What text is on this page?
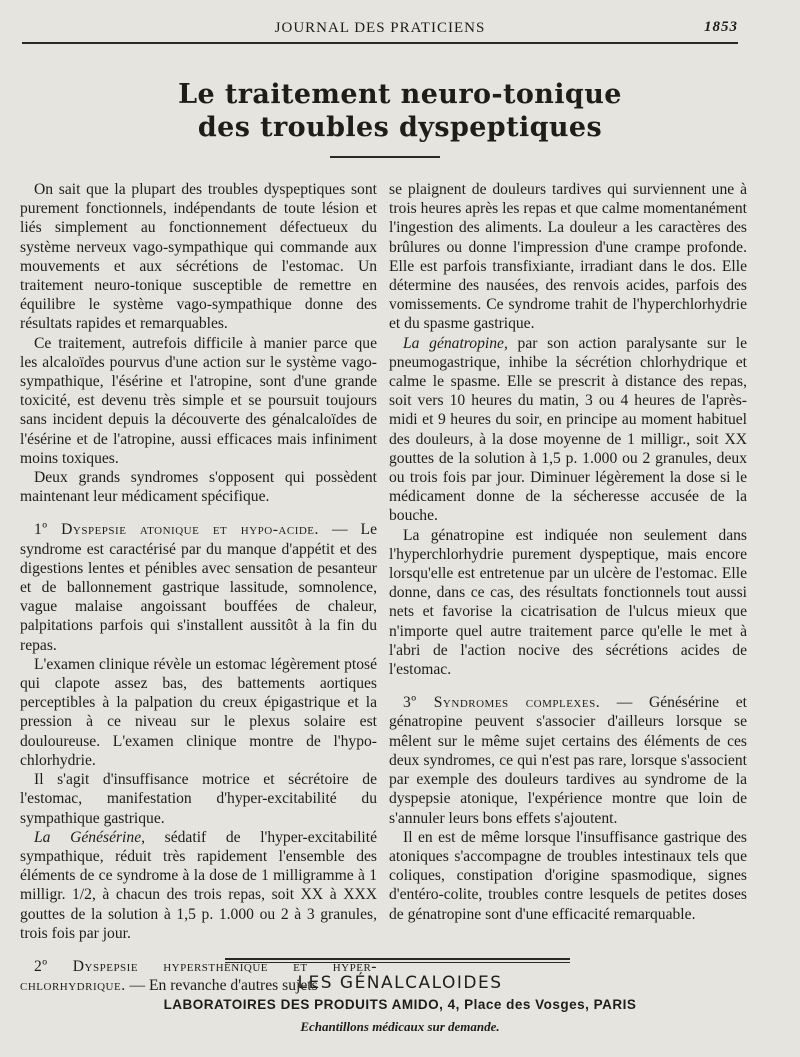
JOURNAL DES PRATICIENS	1853
Le traitement neuro-tonique
des troubles dyspeptiques

On sait que la plupart des troubles dyspeptiques sont purement fonctionnels, indépendants de toute lésion et liés simplement au fonctionnement défectueux du système nerveux vago-sympathique qui commande aux mouvements et aux sécrétions de l'estomac. Un traitement neuro-tonique susceptible de remettre en équilibre le système vago-sympathique donne des résultats rapides et remarquables.

Ce traitement, autrefois difficile à manier parce que les alcaloïdes pourvus d'une action sur le système vago-sympathique, l'ésérine et l'atropine, sont d'une grande toxicité, est devenu très simple et se poursuit toujours sans incident depuis la découverte des génalcaloïdes de l'ésérine et de l'atropine, aussi efficaces mais infiniment moins toxiques.

Deux grands syndromes s'opposent qui possèdent maintenant leur médicament spécifique.

1º Dyspepsie atonique et hypo-acide. — Le syndrome est caractérisé par du manque d'appétit et des digestions lentes et pénibles avec sensation de pesanteur et de ballonnement gastrique lassitude, somnolence, vague malaise angoissant bouffées de chaleur, palpitations parfois qui s'installent aussitôt à la fin du repas.

L'examen clinique révèle un estomac légèrement ptosé qui clapote assez bas, des battements aortiques perceptibles à la palpation du creux épigastrique et la pression à ce niveau sur le plexus solaire est douloureuse. L'examen clinique montre de l'hypo-chlorhydrie.

Il s'agit d'insuffisance motrice et sécrétoire de l'estomac, manifestation d'hyper-excitabilité du sympathique gastrique.

La Génésérine, sédatif de l'hyper-excitabilité sympathique, réduit très rapidement l'ensemble des éléments de ce syndrome à la dose de 1 milligramme à 1 milligr. 1/2, à chacun des trois repas, soit XX à XXX gouttes de la solution à 1,5 p. 1.000 ou 2 à 3 granules, trois fois par jour.

2º Dyspepsie hypersthénique et hyper-chlorhydrique. — En revanche d'autres sujets

se plaignent de douleurs tardives qui surviennent une à trois heures après les repas et que calme momentanément l'ingestion des aliments. La douleur a les caractères des brûlures ou donne l'impression d'une crampe profonde. Elle est parfois transfixiante, irradiant dans le dos. Elle détermine des nausées, des renvois acides, parfois des vomissements. Ce syndrome trahit de l'hyperchlorhydrie et du spasme gastrique.

La génatropine, par son action paralysante sur le pneumogastrique, inhibe la sécrétion chlorhydrique et calme le spasme. Elle se prescrit à distance des repas, soit vers 10 heures du matin, 3 ou 4 heures de l'après-midi et 9 heures du soir, en principe au moment habituel des douleurs, à la dose moyenne de 1 milligr., soit XX gouttes de la solution à 1,5 p. 1.000 ou 2 granules, deux ou trois fois par jour. Diminuer légèrement la dose si le médicament donne de la sécheresse accusée de la bouche.

La génatropine est indiquée non seulement dans l'hyperchlorhydrie purement dyspeptique, mais encore lorsqu'elle est entretenue par un ulcère de l'estomac. Elle donne, dans ce cas, des résultats fonctionnels tout aussi nets et favorise la cicatrisation de l'ulcus mieux que n'importe quel autre traitement parce qu'elle le met à l'abri de l'action nocive des sécrétions acides de l'estomac.

3º Syndromes complexes. — Génésérine et génatropine peuvent s'associer d'ailleurs lorsque se mêlent sur le même sujet certains des éléments de ces deux syndromes, ce qui n'est pas rare, lorsque s'associent par exemple des douleurs tardives au syndrome de la dyspepsie atonique, l'expérience montre que loin de s'annuler leurs bons effets s'ajoutent.

Il en est de même lorsque l'insuffisance gastrique des atoniques s'accompagne de troubles intestinaux tels que coliques, constipation d'origine spasmodique, signes d'entéro-colite, troubles contre lesquels de petites doses de génatropine sont d'une efficacité remarquable.

LES GÉNALCALOIDES
LABORATOIRES DES PRODUITS AMIDO, 4, Place des Vosges, PARIS
Echantillons médicaux sur demande.
